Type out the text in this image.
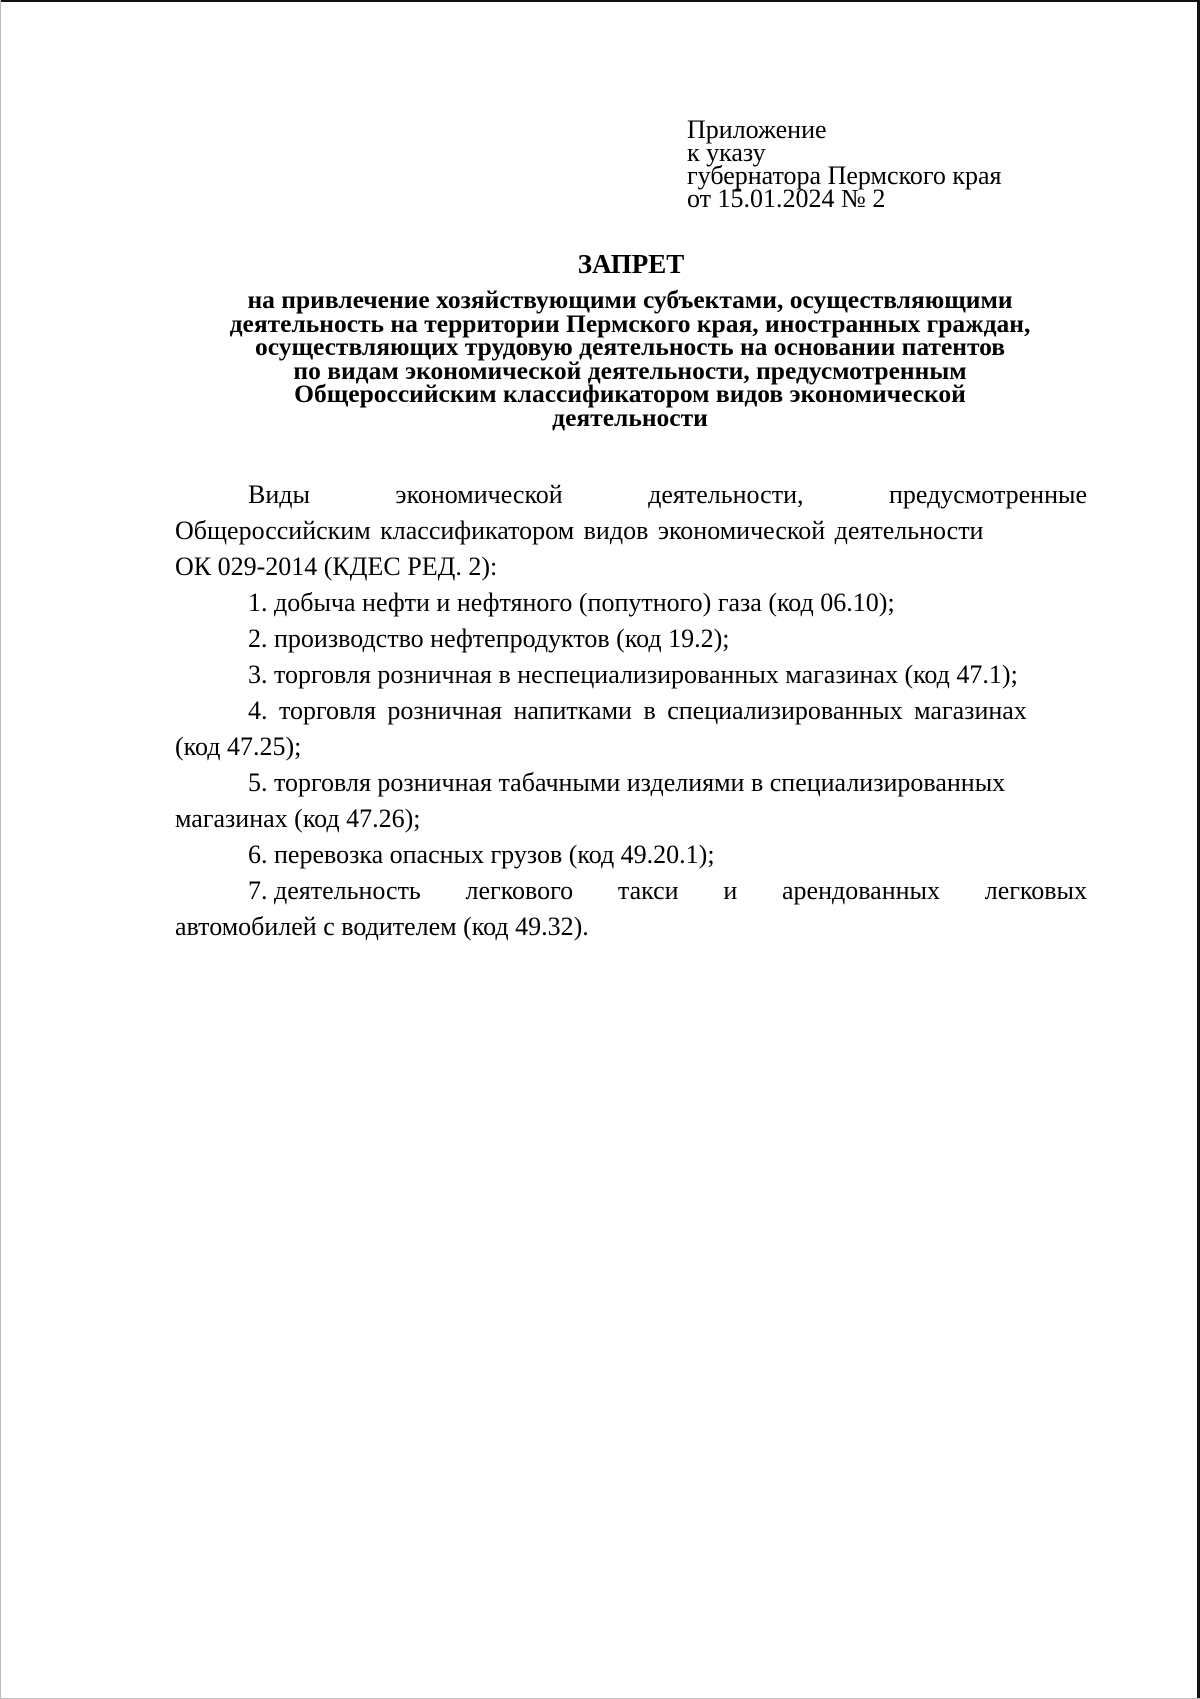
Приложение
к указу
губернатора Пермского края
от 15.01.2024 № 2
ЗАПРЕТ
на привлечение хозяйствующими субъектами, осуществляющими
деятельность на территории Пермского края, иностранных граждан,
осуществляющих трудовую деятельность на основании патентов
по видам экономической деятельности, предусмотренным
Общероссийским классификатором видов экономической
деятельности
Виды	экономической	деятельности,	предусмотренные
Общероссийским классификатором видов экономической деятельности
ОК 029-2014 (КДЕС РЕД. 2):
1. добыча нефти и нефтяного (попутного) газа (код 06.10);
2. производство нефтепродуктов (код 19.2);
3. торговля розничная в неспециализированных магазинах (код 47.1);
4. торговля розничная напитками в специализированных магазинах
(код 47.25);
5. торговля розничная табачными изделиями в специализированных
магазинах (код 47.26);
6. перевозка опасных грузов (код 49.20.1);
7. деятельность легкового такси и арендованных легковых
автомобилей с водителем (код 49.32).
